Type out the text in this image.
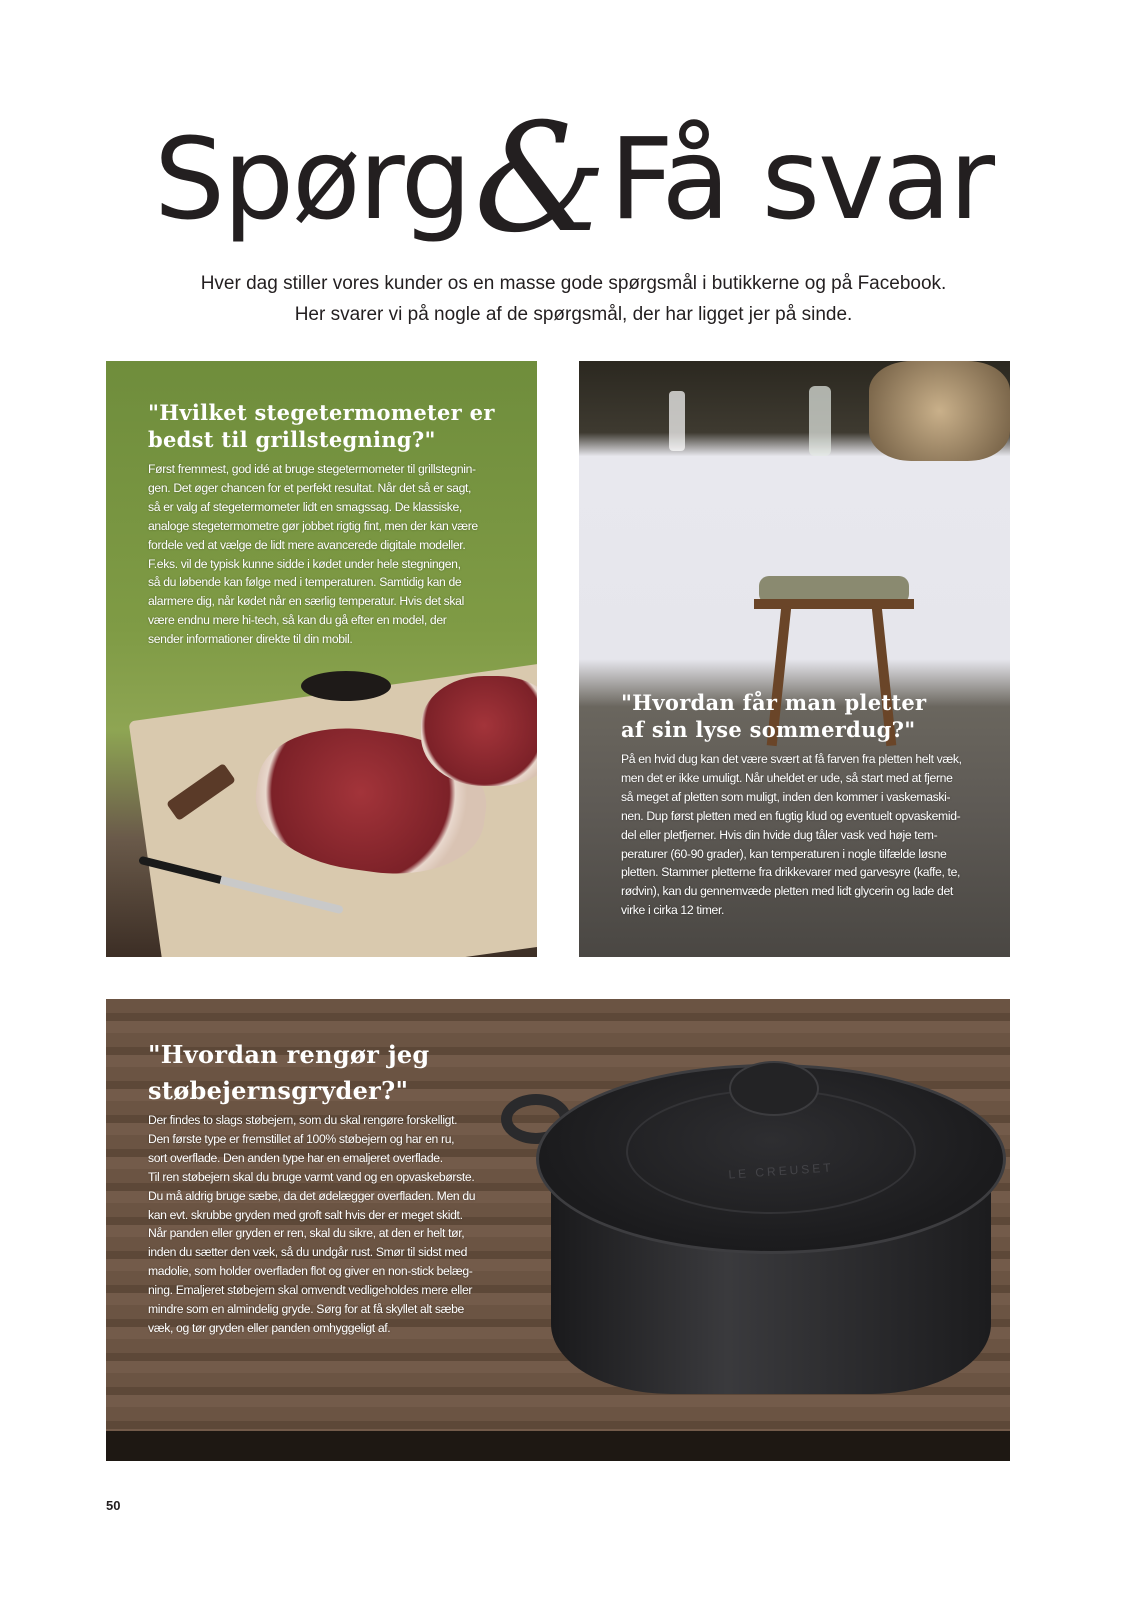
Spørg&Få svar
Hver dag stiller vores kunder os en masse gode spørgsmål i butikkerne og på Facebook.
Her svarer vi på nogle af de spørgsmål, der har ligget jer på sinde.
"Hvilket stegetermometer er
bedst til grillstegning?"
Først fremmest, god idé at bruge stegetermometer til grillstegnin-
gen. Det øger chancen for et perfekt resultat. Når det så er sagt,
så er valg af stegetermometer lidt en smagssag. De klassiske,
analoge stegetermometre gør jobbet rigtig fint, men der kan være
fordele ved at vælge de lidt mere avancerede digitale modeller.
F.eks. vil de typisk kunne sidde i kødet under hele stegningen,
så du løbende kan følge med i temperaturen. Samtidig kan de
alarmere dig, når kødet når en særlig temperatur. Hvis det skal
være endnu mere hi-tech, så kan du gå efter en model, der
sender informationer direkte til din mobil.
"Hvordan får man pletter
af sin lyse sommerdug?"
På en hvid dug kan det være svært at få farven fra pletten helt væk,
men det er ikke umuligt. Når uheldet er ude, så start med at fjerne
så meget af pletten som muligt, inden den kommer i vaskemaski-
nen. Dup først pletten med en fugtig klud og eventuelt opvaskemid-
del eller pletfjerner. Hvis din hvide dug tåler vask ved høje tem-
peraturer (60-90 grader), kan temperaturen i nogle tilfælde løsne
pletten. Stammer pletterne fra drikkevarer med garvesyre (kaffe, te,
rødvin), kan du gennemvæde pletten med lidt glycerin og lade det
virke i cirka 12 timer.
LE CREUSET
"Hvordan rengør jeg
støbejernsgryder?"
Der findes to slags støbejern, som du skal rengøre forskelligt.
Den første type er fremstillet af 100% støbejern og har en ru,
sort overflade. Den anden type har en emaljeret overflade.
Til ren støbejern skal du bruge varmt vand og en opvaskebørste.
Du må aldrig bruge sæbe, da det ødelægger overfladen. Men du
kan evt. skrubbe gryden med groft salt hvis der er meget skidt.
Når panden eller gryden er ren, skal du sikre, at den er helt tør,
inden du sætter den væk, så du undgår rust. Smør til sidst med
madolie, som holder overfladen flot og giver en non-stick belæg-
ning. Emaljeret støbejern skal omvendt vedligeholdes mere eller
mindre som en almindelig gryde. Sørg for at få skyllet alt sæbe
væk, og tør gryden eller panden omhyggeligt af.
50
